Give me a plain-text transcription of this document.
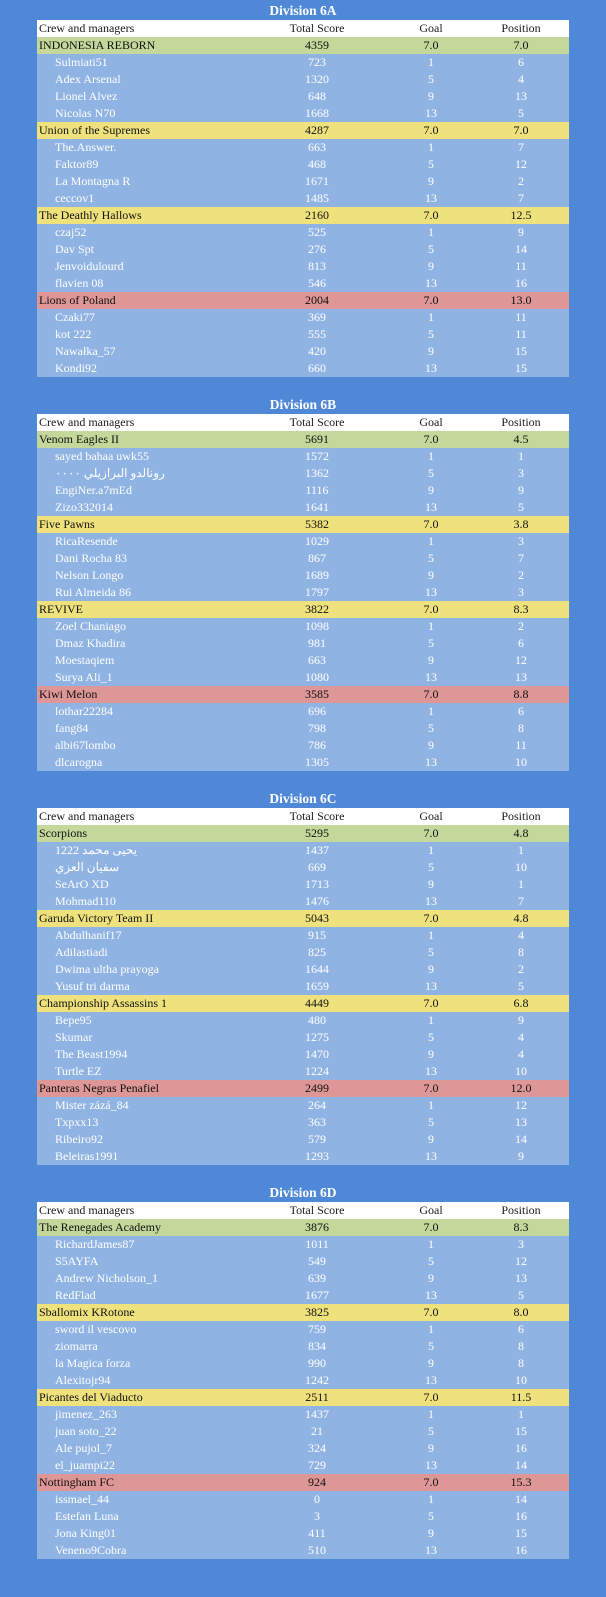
Division 6A
Crew and managers	Total Score	Goal	Position
INDONESIA REBORN	4359	7.0	7.0
Sulmiati51	723	1	6
Adex Arsenal	1320	5	4
Lionel Alvez	648	9	13
Nicolas N70	1668	13	5
Union of the Supremes	4287	7.0	7.0
The.Answer.	663	1	7
Faktor89	468	5	12
La Montagna R	1671	9	2
ceccov1	1485	13	7
The Deathly Hallows	2160	7.0	12.5
czaj52	525	1	9
Dav Spt	276	5	14
Jenvoidulourd	813	9	11
flavien 08	546	13	16
Lions of Poland	2004	7.0	13.0
Czaki77	369	1	11
kot 222	555	5	11
Nawałka_57	420	9	15
Kondi92	660	13	15
Division 6B
Crew and managers	Total Score	Goal	Position
Venom Eagles II	5691	7.0	4.5
sayed bahaa uwk55	1572	1	1
رونالدو البرازيلي ٠٠٠٠	1362	5	3
EngiNer.a7mEd	1116	9	9
Zizo332014	1641	13	5
Five Pawns	5382	7.0	3.8
RicaResende	1029	1	3
Dani Rocha 83	867	5	7
Nelson Longo	1689	9	2
Rui Almeida 86	1797	13	3
REVIVE	3822	7.0	8.3
Zoel Chaniago	1098	1	2
Dmaz Khadira	981	5	6
Moestaqiem	663	9	12
Surya Ali_1	1080	13	13
Kiwi Melon	3585	7.0	8.8
lothar22284	696	1	6
fang84	798	5	8
albi67lombo	786	9	11
dlcarogna	1305	13	10
Division 6C
Crew and managers	Total Score	Goal	Position
Scorpions	5295	7.0	4.8
يحيى محمد 1222	1437	1	1
سفيان العزي	669	5	10
SeArO XD	1713	9	1
Mohmad110	1476	13	7
Garuda Victory Team II	5043	7.0	4.8
Abdulhanif17	915	1	4
Adilastiadi	825	5	8
Dwima ultha prayoga	1644	9	2
Yusuf tri darma	1659	13	5
Championship Assassins 1	4449	7.0	6.8
Bepe95	480	1	9
Skumar	1275	5	4
The Beast1994	1470	9	4
Turtle EZ	1224	13	10
Panteras Negras Penafiel	2499	7.0	12.0
Mister zázá_84	264	1	12
Txpxx13	363	5	13
Ribeiro92	579	9	14
Beleiras1991	1293	13	9
Division 6D
Crew and managers	Total Score	Goal	Position
The Renegades Academy	3876	7.0	8.3
RichardJames87	1011	1	3
S5AYFA	549	5	12
Andrew Nicholson_1	639	9	13
RedFlad	1677	13	5
Sballomix KRotone	3825	7.0	8.0
sword il vescovo	759	1	6
ziomarra	834	5	8
la Magica forza	990	9	8
Alexitojr94	1242	13	10
Picantes del Viaducto	2511	7.0	11.5
jimenez_263	1437	1	1
juan soto_22	21	5	15
Ale pujol_7	324	9	16
el_juampi22	729	13	14
Nottingham FC	924	7.0	15.3
issmael_44	0	1	14
Estefan Luna	3	5	16
Jona King01	411	9	15
Veneno9Cobra	510	13	16
